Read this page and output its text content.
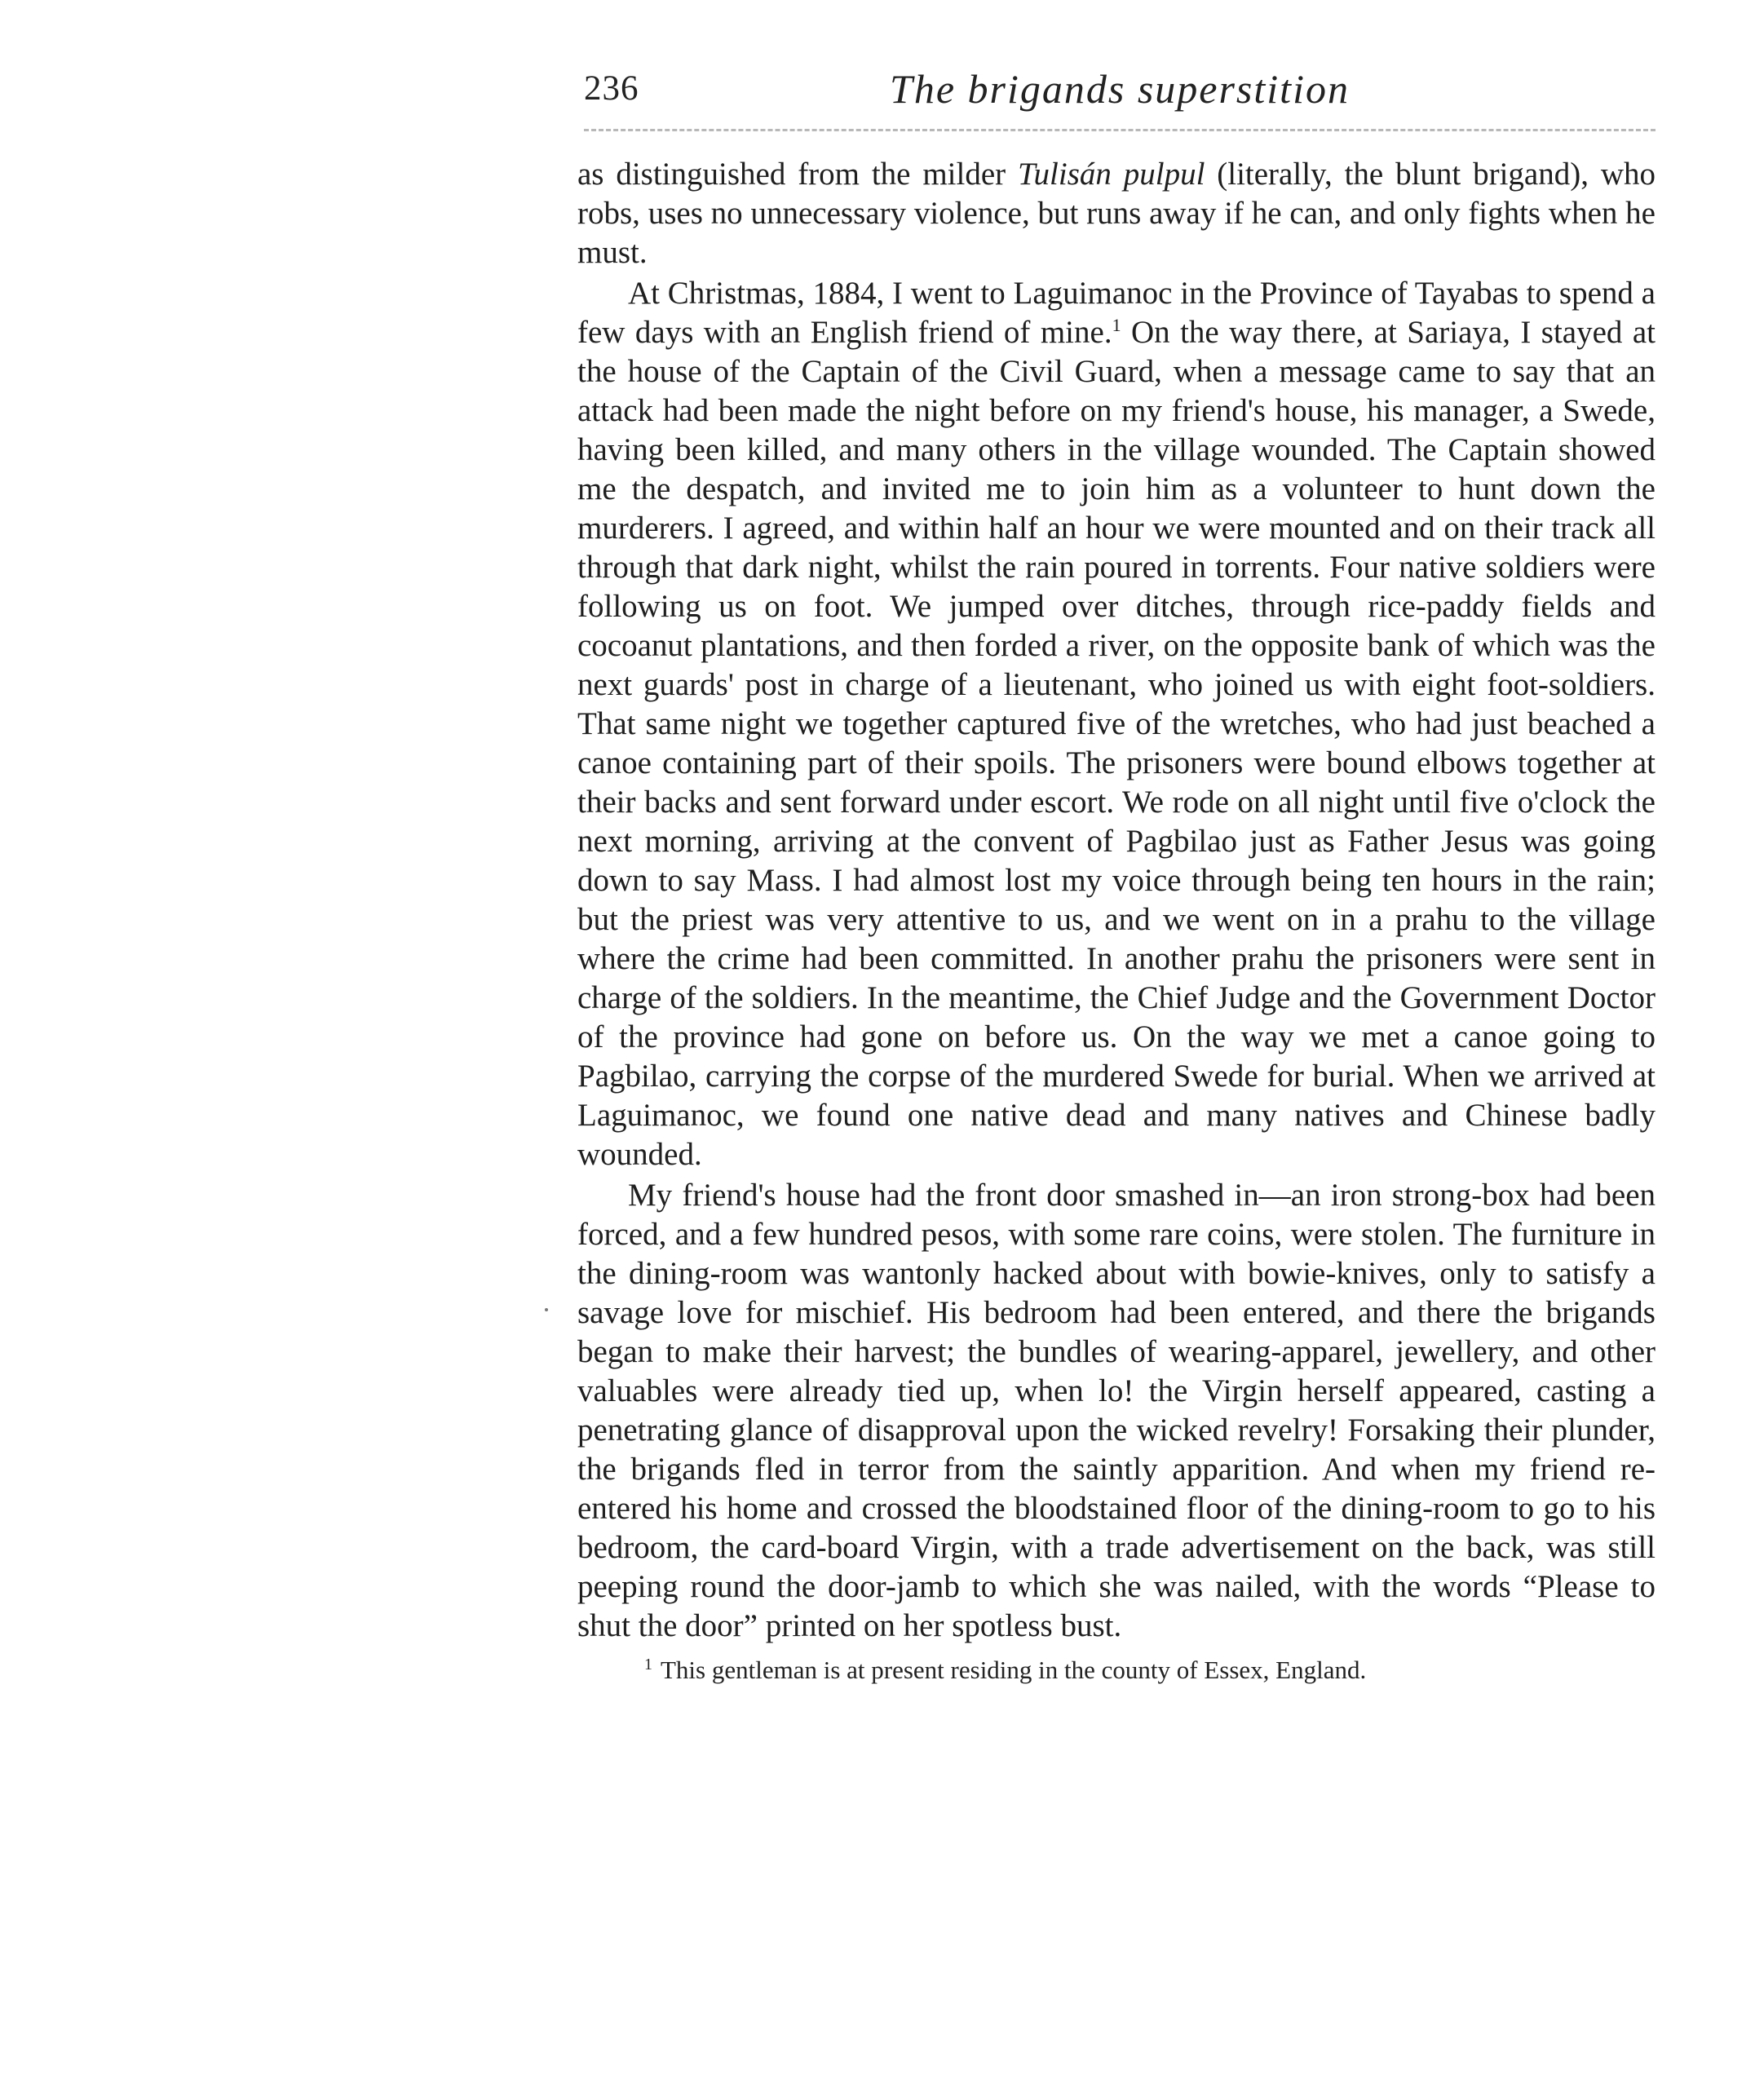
236	The brigands superstition

as distinguished from the milder Tulisán pulpul (literally, the blunt brigand), who robs, uses no unnecessary violence, but runs away if he can, and only fights when he must.

At Christmas, 1884, I went to Laguimanoc in the Province of Tayabas to spend a few days with an English friend of mine.$^1$ On the way there, at Sariaya, I stayed at the house of the Captain of the Civil Guard, when a message came to say that an attack had been made the night before on my friend's house, his manager, a Swede, having been killed, and many others in the village wounded. The Captain showed me the despatch, and invited me to join him as a volunteer to hunt down the murderers. I agreed, and within half an hour we were mounted and on their track all through that dark night, whilst the rain poured in torrents. Four native soldiers were following us on foot. We jumped over ditches, through rice-paddy fields and cocoanut plantations, and then forded a river, on the opposite bank of which was the next guards' post in charge of a lieutenant, who joined us with eight foot-soldiers. That same night we together captured five of the wretches, who had just beached a canoe containing part of their spoils. The prisoners were bound elbows together at their backs and sent forward under escort. We rode on all night until five o'clock the next morning, arriving at the convent of Pagbilao just as Father Jesus was going down to say Mass. I had almost lost my voice through being ten hours in the rain; but the priest was very attentive to us, and we went on in a prahu to the village where the crime had been committed. In another prahu the prisoners were sent in charge of the soldiers. In the meantime, the Chief Judge and the Government Doctor of the province had gone on before us. On the way we met a canoe going to Pagbilao, carrying the corpse of the murdered Swede for burial. When we arrived at Laguimanoc, we found one native dead and many natives and Chinese badly wounded.

My friend's house had the front door smashed in—an iron strong-box had been forced, and a few hundred pesos, with some rare coins, were stolen. The furniture in the dining-room was wantonly hacked about with bowie-knives, only to satisfy a savage love for mischief. His bedroom had been entered, and there the brigands began to make their harvest; the bundles of wearing-apparel, jewellery, and other valuables were already tied up, when lo! the Virgin herself appeared, casting a penetrating glance of disapproval upon the wicked revelry! Forsaking their plunder, the brigands fled in terror from the saintly apparition. And when my friend re-entered his home and crossed the bloodstained floor of the dining-room to go to his bedroom, the card-board Virgin, with a trade advertisement on the back, was still peeping round the door-jamb to which she was nailed, with the words “Please to shut the door” printed on her spotless bust.

$^1$ This gentleman is at present residing in the county of Essex, England.
